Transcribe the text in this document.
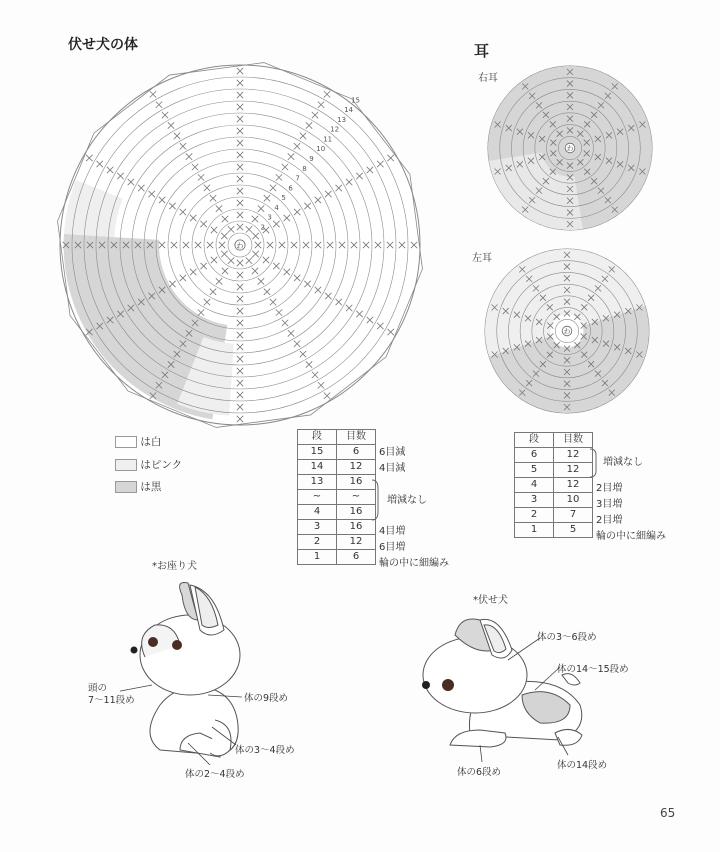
伏せ犬の体	耳
右耳
左耳
わ
15
14
13
12
11
10
9
8
7
6
5
4
3
2
わ
わ
は白
はピンク
は黒
段	目数
15	6
14	12
13	16
~	~
4	16
3	16
2	12
1	6
6目減
4目減
増減なし
4目増
6目増
輪の中に細編み
段	目数
6	12
5	12
4	12
3	10
2	7
1	5
増減なし
2目増
3目増
2目増
輪の中に細編み
*お座り犬
頭の
7～11段め	体の9段め
体の3～4段め
体の2～4段め
*伏せ犬
体の3～6段め
体の14～15段め
体の14段め
体の6段め
65
